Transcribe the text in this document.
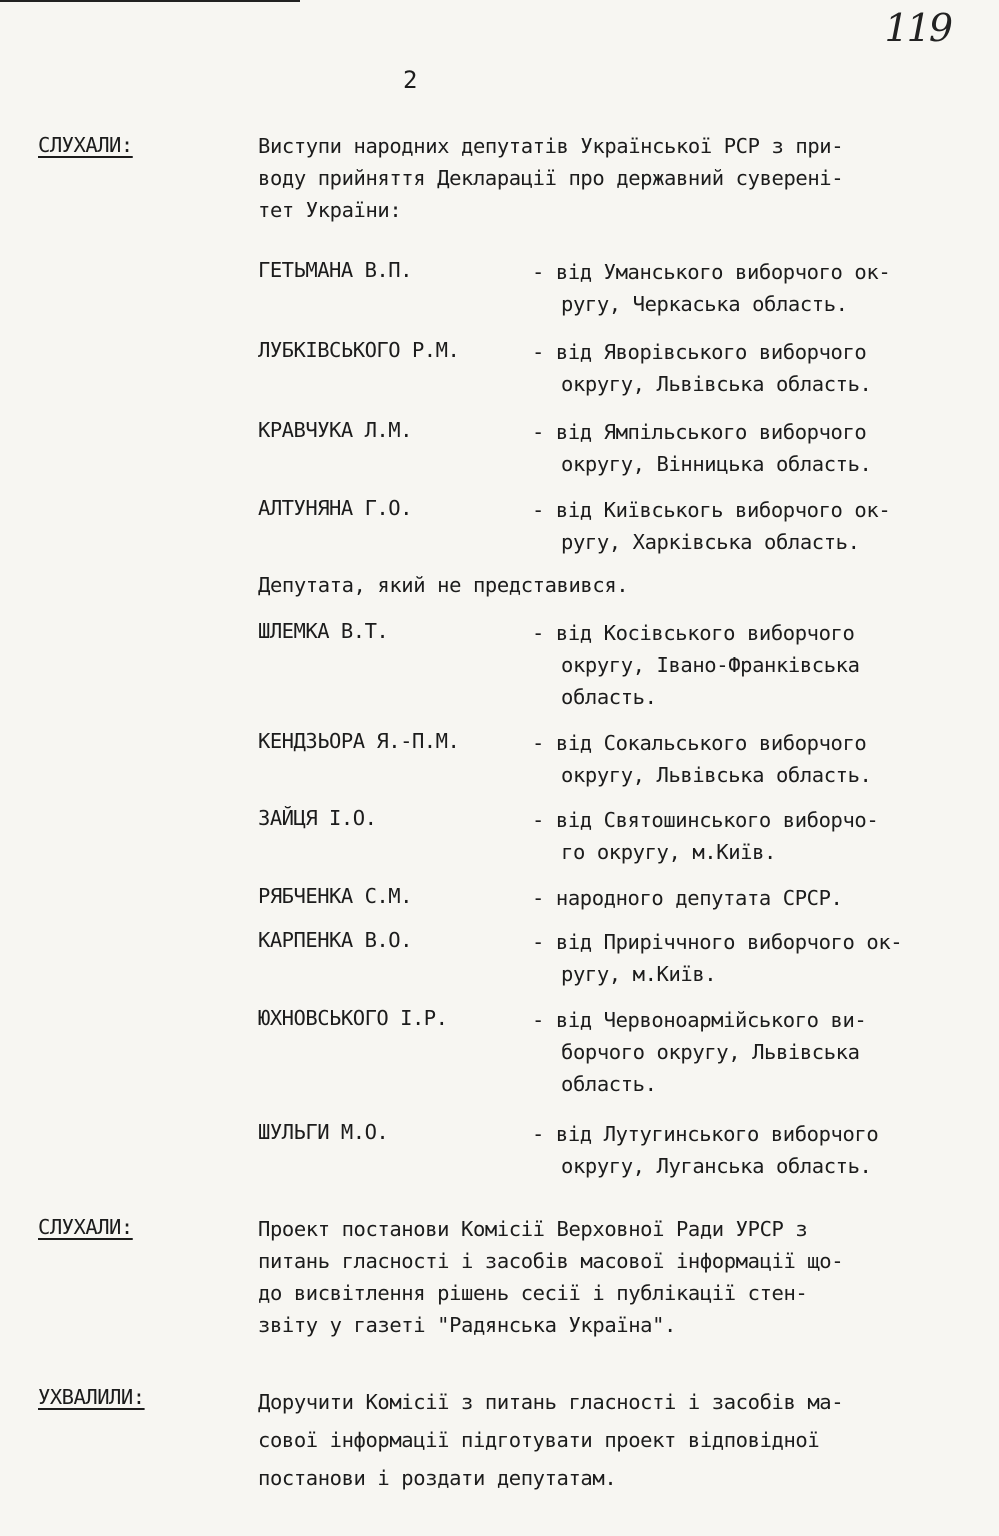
119
2
СЛУХАЛИ:	Виступи народних депутатів Української РСР з при-
воду прийняття Декларації про державний суверені-
тет України:
ГЕТЬМАНА В.П.	- від Уманського виборчого ок-
ругу, Черкаська область.
ЛУБКІВСЬКОГО Р.М.	- від Яворівського виборчого
округу, Львівська область.
КРАВЧУКА Л.М.	- від Ямпільського виборчого
округу, Вінницька область.
АЛТУНЯНА Г.О.	- від Київськогь виборчого ок-
ругу, Харківська область.
Депутата, який не представився.
ШЛЕМКА В.Т.	- від Косівського виборчого
округу, Івано-Франківська
область.
КЕНДЗЬОРА Я.-П.М.	- від Сокальського виборчого
округу, Львівська область.
ЗАЙЦЯ І.О.	- від Святошинського виборчо-
го округу, м.Київ.
РЯБЧЕНКА С.М.	- народного депутата СРСР.
КАРПЕНКА В.О.	- від Приріччного виборчого ок-
ругу, м.Київ.
ЮХНОВСЬКОГО І.Р.	- від Червоноармійського ви-
борчого округу, Львівська
область.
ШУЛЬГИ М.О.	- від Лутугинського виборчого
округу, Луганська область.
СЛУХАЛИ:	Проект постанови Комісії Верховної Ради УРСР з
питань гласності і засобів масової інформації що-
до висвітлення рішень сесії і публікації стен-
звіту у газеті "Радянська Україна".
УХВАЛИЛИ:	Доручити Комісії з питань гласності і засобів ма-
сової інформації підготувати проект відповідної
постанови і роздати депутатам.
